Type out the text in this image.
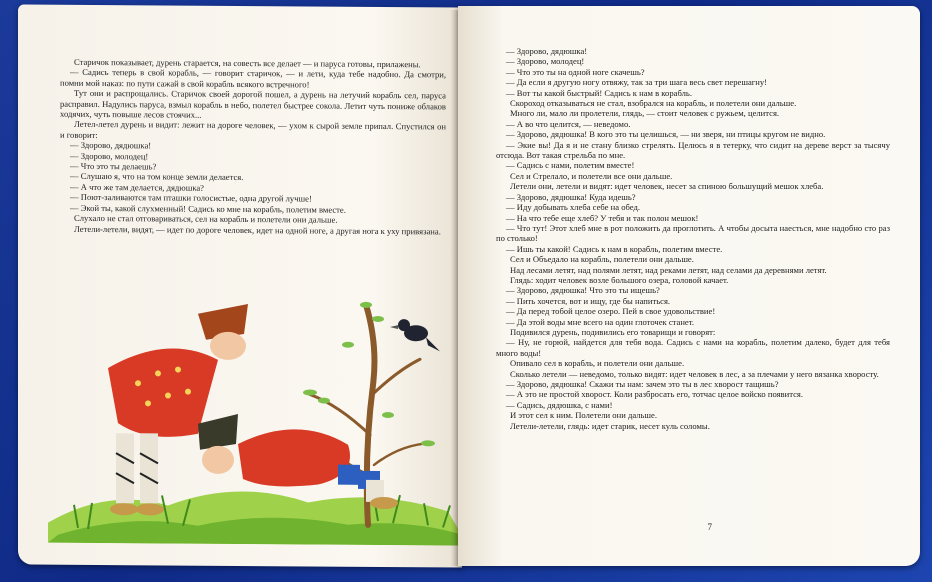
Старичок показывает, дурень старается, на совесть все делает — и паруса готовы, прилажены.

— Садись теперь в свой корабль, — говорит старичок, — и лети, куда тебе надобно. Да смотри, помни мой наказ: по пути сажай в свой корабль всякого встречного!

Тут они и распрощались. Старичок своей дорогой пошел, а дурень на летучий корабль сел, паруса расправил. Надулись паруса, взмыл корабль в небо, полетел быстрее сокола. Летит чуть пониже облаков ходячих, чуть повыше лесов стоячих...

Летел-летел дурень и видит: лежит на дороге человек, — ухом к сырой земле припал. Спустился он и говорит:

— Здорово, дядюшка!

— Здорово, молодец!

— Что это ты делаешь?

— Слушаю я, что на том конце земли делается.

— А что же там делается, дядюшка?

— Поют-заливаются там пташки голосистые, одна другой лучше!

— Экой ты, какой слухменный! Садись ко мне на корабль, полетим вместе.

Слухало не стал отговариваться, сел на корабль и полетели они дальше.

Летели-летели, видят, — идет по дороге человек, идет на одной ноге, а другая нога к уху привязана.

— Здорово, дядюшка!

— Здорово, молодец!

— Что это ты на одной ноге скачешь?

— Да если я другую ногу отвяжу, так за три шага весь свет перешагну!

— Вот ты какой быстрый! Садись к нам в корабль.

Скороход отказываться не стал, взобрался на корабль, и полетели они дальше.

Много ли, мало ли пролетели, глядь, — стоит человек с ружьем, целится.

— А во что целится, — неведомо.

— Здорово, дядюшка! В кого это ты целишься, — ни зверя, ни птицы кругом не видно.

— Экие вы! Да я и не стану близко стрелять. Целюсь я в тетерку, что сидит на дереве верст за тысячу отсюда. Вот такая стрельба по мне.

— Садись с нами, полетим вместе!

Сел и Стрелало, и полетели все они дальше.

Летели они, летели и видят: идет человек, несет за спиною большущий мешок хлеба.

— Здорово, дядюшка! Куда идешь?

— Иду добывать хлеба себе на обед.

— На что тебе еще хлеб? У тебя и так полон мешок!

— Что тут! Этот хлеб мне в рот положить да проглотить. А чтобы досыта наесться, мне надобно сто раз по столько!

— Ишь ты какой! Садись к нам в корабль, полетим вместе.

Сел и Объедало на корабль, полетели они дальше.

Над лесами летят, над полями летят, над реками летят, над селами да деревнями летят.

Глядь: ходит человек возле большого озера, головой качает.

— Здорово, дядюшка! Что это ты ищешь?

— Пить хочется, вот и ищу, где бы напиться.

— Да перед тобой целое озеро. Пей в свое удовольствие!

— Да этой воды мне всего на один глоточек станет.

Подивился дурень, подивились его товарищи и говорят:

— Ну, не горюй, найдется для тебя вода. Садись с нами на корабль, полетим далеко, будет для тебя много воды!

Опивало сел в корабль, и полетели они дальше.

Сколько летели — неведомо, только видят: идет человек в лес, а за плечами у него вязанка хворосту.

— Здорово, дядюшка! Скажи ты нам: зачем это ты в лес хворост тащишь?

— А это не простой хворост. Коли разбросать его, тотчас целое войско появится.

— Садись, дядюшка, с нами!

И этот сел к ним. Полетели они дальше.

Летели-летели, глядь: идет старик, несет куль соломы.

7
